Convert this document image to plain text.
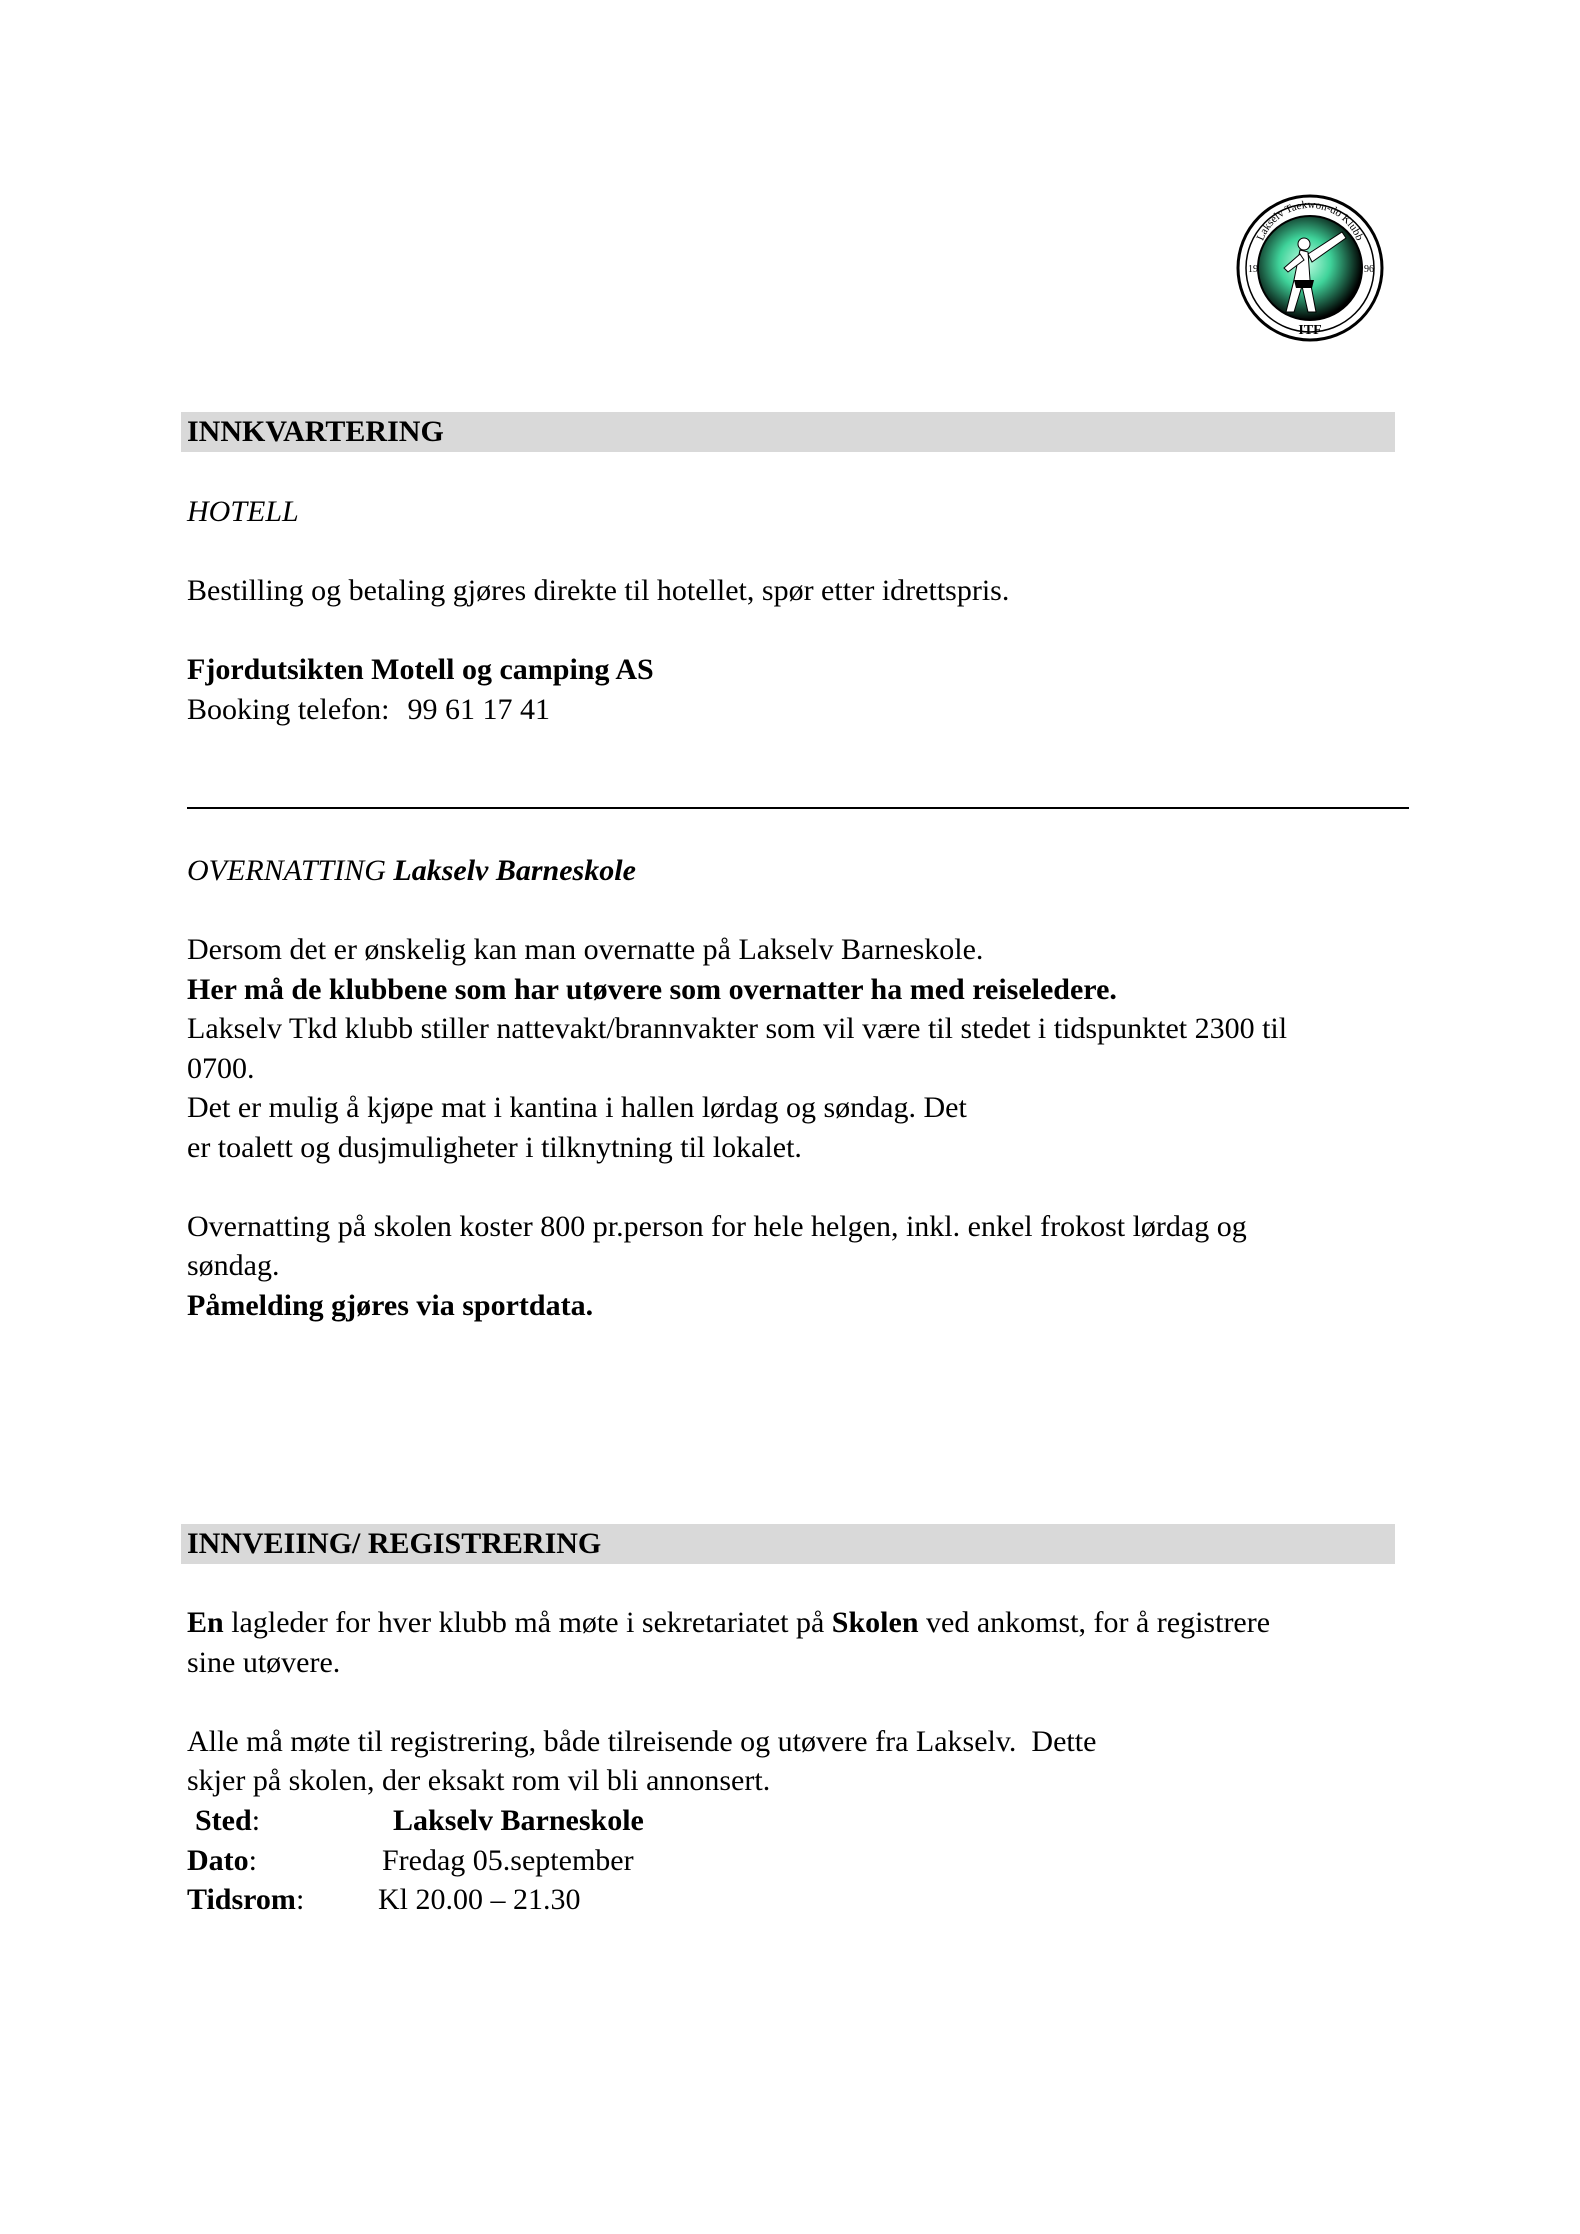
Lakselv Taekwon-do Klubb
19	96
ITF
INNKVARTERING
HOTELL
Bestilling og betaling gjøres direkte til hotellet, spør etter idrettspris.
Fjordutsikten Motell og camping AS
Booking telefon: 99 61 17 41
OVERNATTING Lakselv Barneskole
Dersom det er ønskelig kan man overnatte på Lakselv Barneskole.
Her må de klubbene som har utøvere som overnatter ha med reiseledere.
Lakselv Tkd klubb stiller nattevakt/brannvakter som vil være til stedet i tidspunktet 2300 til
0700.
Det er mulig å kjøpe mat i kantina i hallen lørdag og søndag. Det
er toalett og dusjmuligheter i tilknytning til lokalet.
Overnatting på skolen koster 800 pr.person for hele helgen, inkl. enkel frokost lørdag og
søndag.
Påmelding gjøres via sportdata.
INNVEIING/ REGISTRERING
En lagleder for hver klubb må møte i sekretariatet på Skolen ved ankomst, for å registrere
sine utøvere.
Alle må møte til registrering, både tilreisende og utøvere fra Lakselv.  Dette
skjer på skolen, der eksakt rom vil bli annonsert.
Sted:	Lakselv Barneskole
Dato:	Fredag 05.september
Tidsrom: Kl 20.00 – 21.30
